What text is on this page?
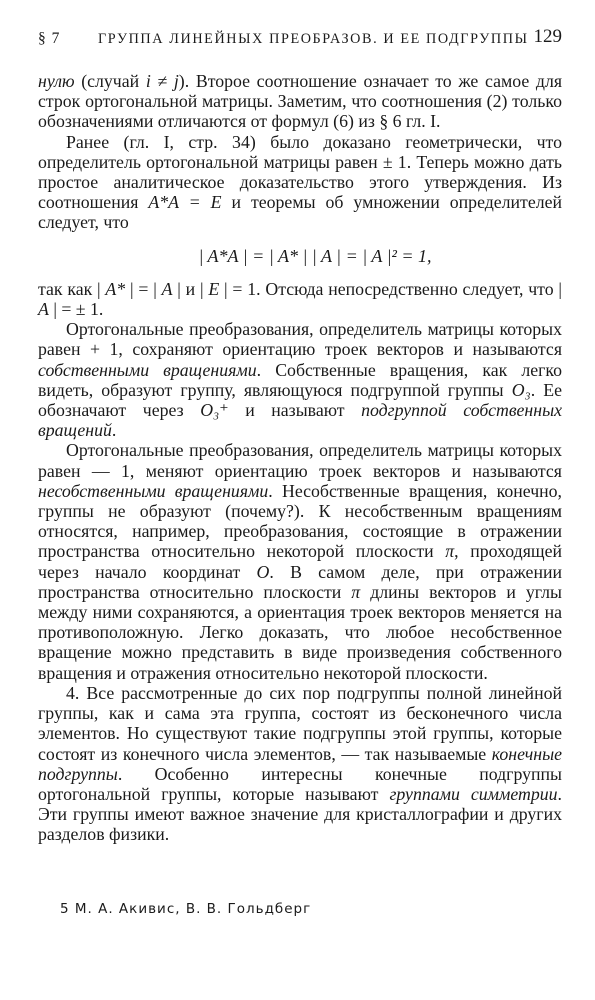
§ 7	ГРУППА ЛИНЕЙНЫХ ПРЕОБРАЗОВ. И ЕЕ ПОДГРУППЫ 129

нулю (случай i ≠ j). Второе соотношение означает то же самое для строк ортогональной матрицы. Заметим, что соотношения (2) только обозначениями отличаются от формул (6) из § 6 гл. I.

Ранее (гл. I, стр. 34) было доказано геометрически, что определитель ортогональной матрицы равен ± 1. Теперь можно дать простое аналитическое доказательство этого утверждения. Из соотношения A*A = E и теоремы об умножении определителей следует, что

| A*A | = | A* | | A | = | A |² = 1,

так как | A* | = | A | и | E | = 1. Отсюда непосредственно следует, что | A | = ± 1.

Ортогональные преобразования, определитель матрицы которых равен + 1, сохраняют ориентацию троек векторов и называются собственными вращениями. Собственные вращения, как легко видеть, образуют группу, являющуюся подгруппой группы O₃. Ее обозначают через O₃⁺ и называют подгруппой собственных вращений.

Ортогональные преобразования, определитель матрицы которых равен — 1, меняют ориентацию троек векторов и называются несобственными вращениями. Несобственные вращения, конечно, группы не образуют (почему?). К несобственным вращениям относятся, например, преобразования, состоящие в отражении пространства относительно некоторой плоскости π, проходящей через начало координат O. В самом деле, при отражении пространства относительно плоскости π длины векторов и углы между ними сохраняются, а ориентация троек векторов меняется на противоположную. Легко доказать, что любое несобственное вращение можно представить в виде произведения собственного вращения и отражения относительно некоторой плоскости.

4. Все рассмотренные до сих пор подгруппы полной линейной группы, как и сама эта группа, состоят из бесконечного числа элементов. Но существуют такие подгруппы этой группы, которые состоят из конечного числа элементов, — так называемые конечные подгруппы. Особенно интересны конечные подгруппы ортогональной группы, которые называют группами симметрии. Эти группы имеют важное значение для кристаллографии и других разделов физики.

5 М. А. Акивис, В. В. Гольдберг
